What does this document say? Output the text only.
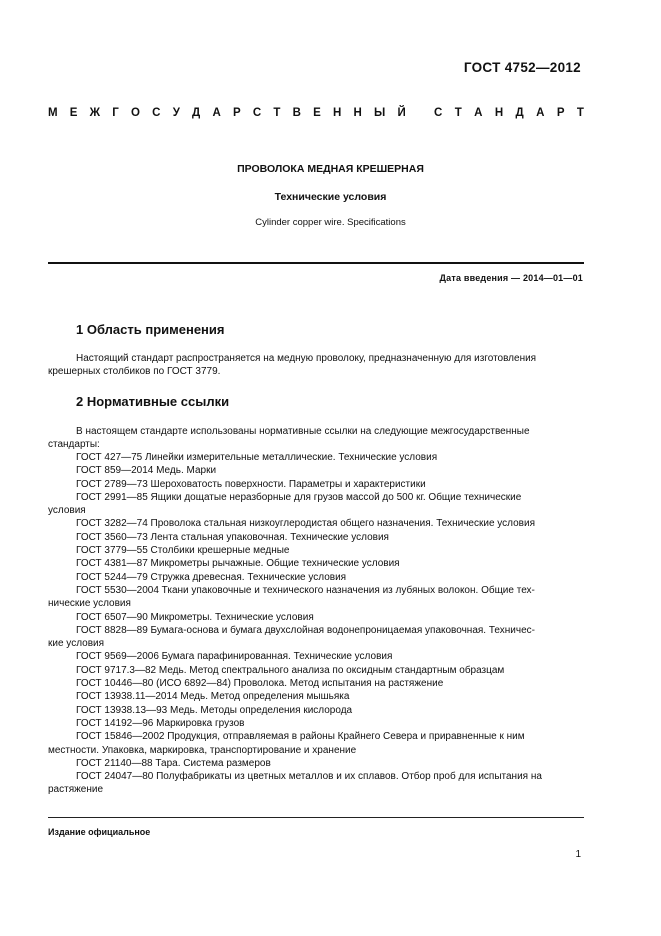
ГОСТ 4752—2012
М Е Ж Г О С У Д А Р С Т В Е Н Н Ы Й С Т А Н Д А Р Т
ПРОВОЛОКА МЕДНАЯ КРЕШЕРНАЯ
Технические условия
Cylinder copper wire. Specifications
Дата введения — 2014—01—01
1 Область применения
Настоящий стандарт распространяется на медную проволоку, предназначенную для изготовления
крешерных столбиков по ГОСТ 3779.
2 Нормативные ссылки
В настоящем стандарте использованы нормативные ссылки на следующие межгосударственные
стандарты:
ГОСТ 427—75 Линейки измерительные металлические. Технические условия
ГОСТ 859—2014 Медь. Марки
ГОСТ 2789—73 Шероховатость поверхности. Параметры и характеристики
ГОСТ 2991—85 Ящики дощатые неразборные для грузов массой до 500 кг. Общие технические
условия
ГОСТ 3282—74 Проволока стальная низкоуглеродистая общего назначения. Технические условия
ГОСТ 3560—73 Лента стальная упаковочная. Технические условия
ГОСТ 3779—55 Столбики крешерные медные
ГОСТ 4381—87 Микрометры рычажные. Общие технические условия
ГОСТ 5244—79 Стружка древесная. Технические условия
ГОСТ 5530—2004 Ткани упаковочные и технического назначения из лубяных волокон. Общие тех-
нические условия
ГОСТ 6507—90 Микрометры. Технические условия
ГОСТ 8828—89 Бумага-основа и бумага двухслойная водонепроницаемая упаковочная. Техничес-
кие условия
ГОСТ 9569—2006 Бумага парафинированная. Технические условия
ГОСТ 9717.3—82 Медь. Метод спектрального анализа по оксидным стандартным образцам
ГОСТ 10446—80 (ИСО 6892—84) Проволока. Метод испытания на растяжение
ГОСТ 13938.11—2014 Медь. Метод определения мышьяка
ГОСТ 13938.13—93 Медь. Методы определения кислорода
ГОСТ 14192—96 Маркировка грузов
ГОСТ 15846—2002 Продукция, отправляемая в районы Крайнего Севера и приравненные к ним
местности. Упаковка, маркировка, транспортирование и хранение
ГОСТ 21140—88 Тара. Система размеров
ГОСТ 24047—80 Полуфабрикаты из цветных металлов и их сплавов. Отбор проб для испытания на
растяжение
Издание официальное
1
